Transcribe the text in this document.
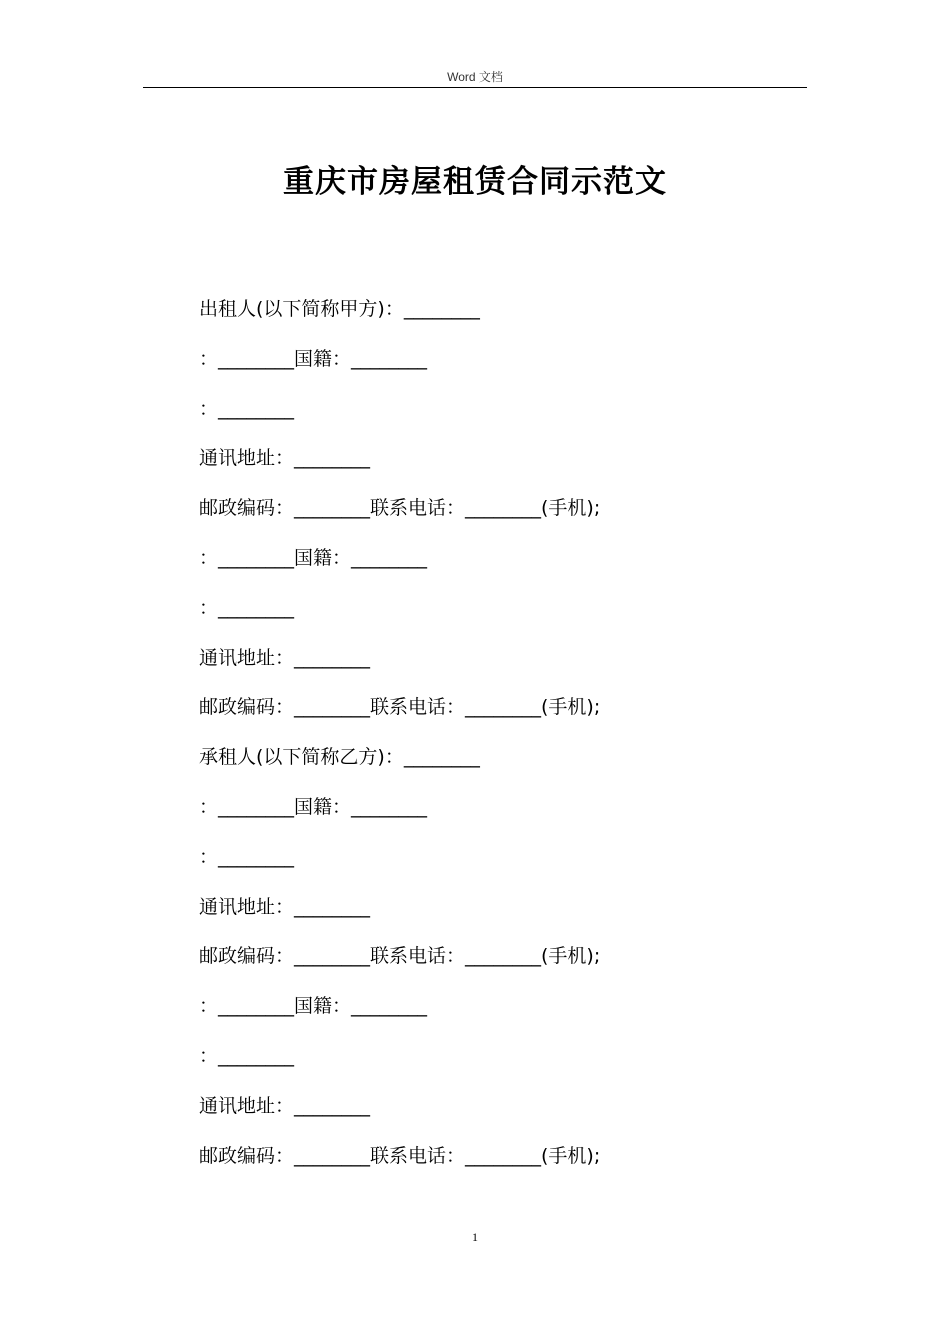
Word 文档
重庆市房屋租赁合同示范文
出租人(以下简称甲方)：________
：________国籍：________
：________
通讯地址：________
邮政编码：________联系电话：________(手机);
：________国籍：________
：________
通讯地址：________
邮政编码：________联系电话：________(手机);
承租人(以下简称乙方)：________
：________国籍：________
：________
通讯地址：________
邮政编码：________联系电话：________(手机);
：________国籍：________
：________
通讯地址：________
邮政编码：________联系电话：________(手机);
1
